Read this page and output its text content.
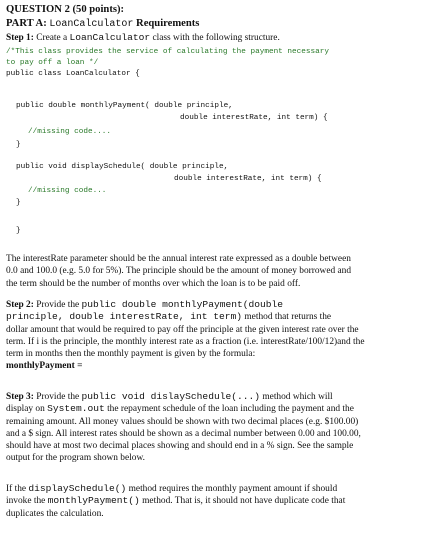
QUESTION 2 (50 points):
PART A: LoanCalculator Requirements
Step 1: Create a LoanCalculator class with the following structure.
/*This class provides the service of calculating the payment necessary
to pay off a loan */
public class LoanCalculator {
public double monthlyPayment( double principle,
double interestRate, int term) {
//missing code....
}
public void displaySchedule( double principle,
double interestRate, int term) {
//missing code...
}
}
The interestRate parameter should be the annual interest rate expressed as a double between
0.0 and 100.0 (e.g. 5.0 for 5%). The principle should be the amount of money borrowed and
the term should be the number of months over which the loan is to be paid off.
Step 2: Provide the public double monthlyPayment(double
principle, double interestRate, int term) method that returns the
dollar amount that would be required to pay off the principle at the given interest rate over the
term. If i is the principle, the monthly interest rate as a fraction (i.e. interestRate/100/12)and the
term in months then the monthly payment is given by the formula:
monthlyPayment =
Step 3: Provide the public void dislaySchedule(...) method which will
display on System.out the repayment schedule of the loan including the payment and the
remaining amount. All money values should be shown with two decimal places (e.g. $100.00)
and a $ sign. All interest rates should be shown as a decimal number between 0.00 and 100.00,
should have at most two decimal places showing and should end in a % sign. See the sample
output for the program shown below.
If the displaySchedule() method requires the monthly payment amount if should
invoke the monthlyPayment() method. That is, it should not have duplicate code that
duplicates the calculation.
